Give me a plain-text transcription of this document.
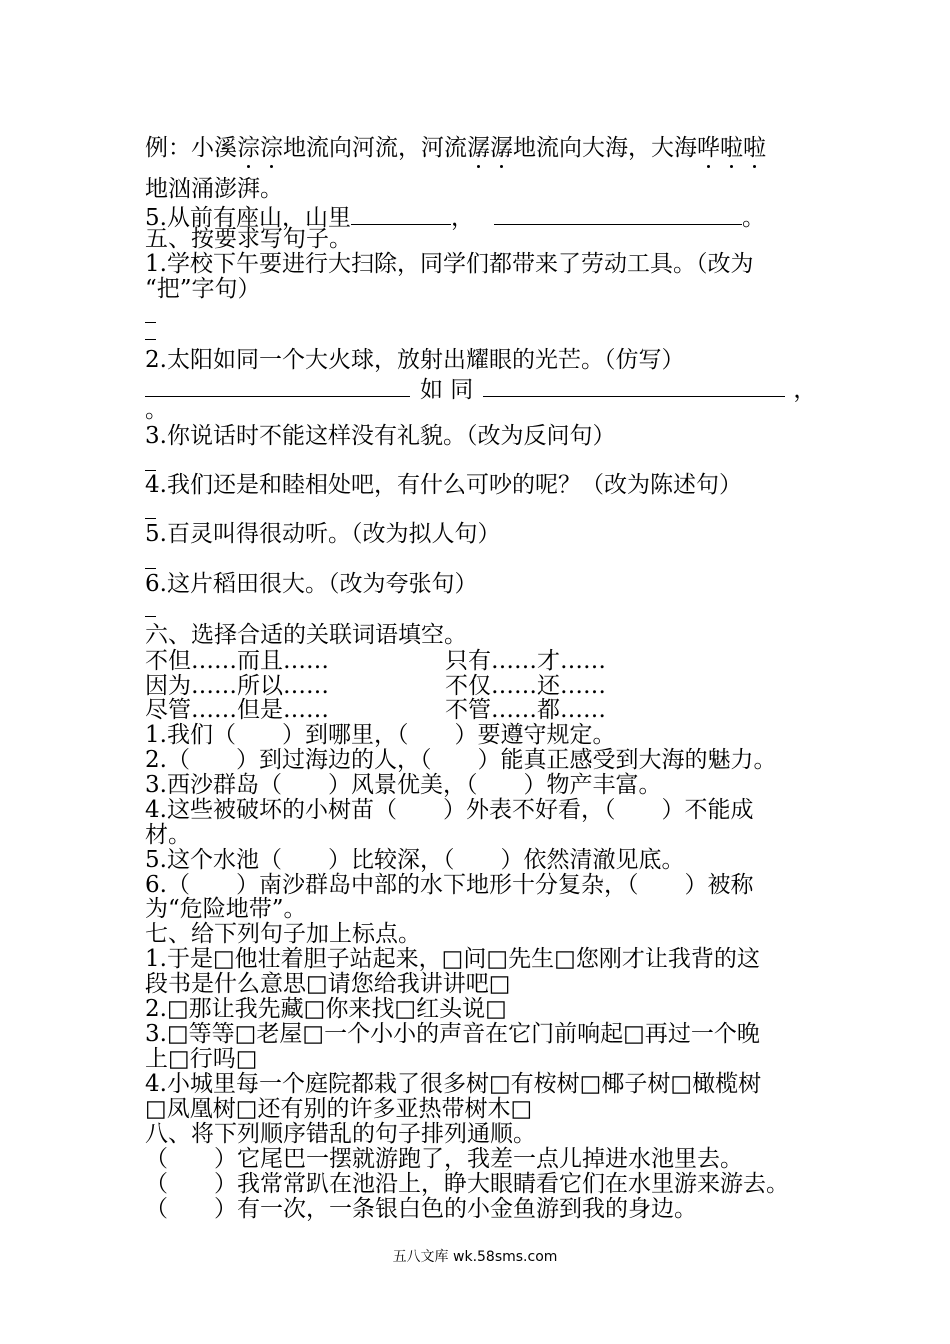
例：小溪淙淙地流向河流，河流潺潺地流向大海，大海哗啦啦
地汹涌澎湃。
5.从前有座山，山里	，	。
五、按要求写句子。
1.学校下午要进行大扫除，同学们都带来了劳动工具。（改为
“把”字句）
2.太阳如同一个大火球，放射出耀眼的光芒。（仿写）
如 同	，
。
3.你说话时不能这样没有礼貌。（改为反问句）
4.我们还是和睦相处吧，有什么可吵的呢？（改为陈述句）
5.百灵叫得很动听。（改为拟人句）
6.这片稻田很大。（改为夸张句）
六、选择合适的关联词语填空。
不但……而且……	只有……才……
因为……所以……	不仅……还……
尽管……但是……	不管……都……
1.我们（　　）到哪里，（　　）要遵守规定。
2.（　　）到过海边的人，（　　）能真正感受到大海的魅力。
3.西沙群岛（　　）风景优美，（　　）物产丰富。
4.这些被破坏的小树苗（　　）外表不好看，（　　）不能成
材。
5.这个水池（　　）比较深，（　　）依然清澈见底。
6.（　　）南沙群岛中部的水下地形十分复杂，（　　）被称
为“危险地带”。
七、给下列句子加上标点。
1.于是□他壮着胆子站起来，□问□先生□您刚才让我背的这
段书是什么意思□请您给我讲讲吧□
2.□那让我先藏□你来找□红头说□
3.□等等□老屋□一个小小的声音在它门前响起□再过一个晚
上□行吗□
4.小城里每一个庭院都栽了很多树□有桉树□椰子树□橄榄树
□凤凰树□还有别的许多亚热带树木□
八、将下列顺序错乱的句子排列通顺。
（　　）它尾巴一摆就游跑了，我差一点儿掉进水池里去。
（　　）我常常趴在池沿上，睁大眼睛看它们在水里游来游去。
（　　）有一次，一条银白色的小金鱼游到我的身边。
五八文库 wk.58sms.com
